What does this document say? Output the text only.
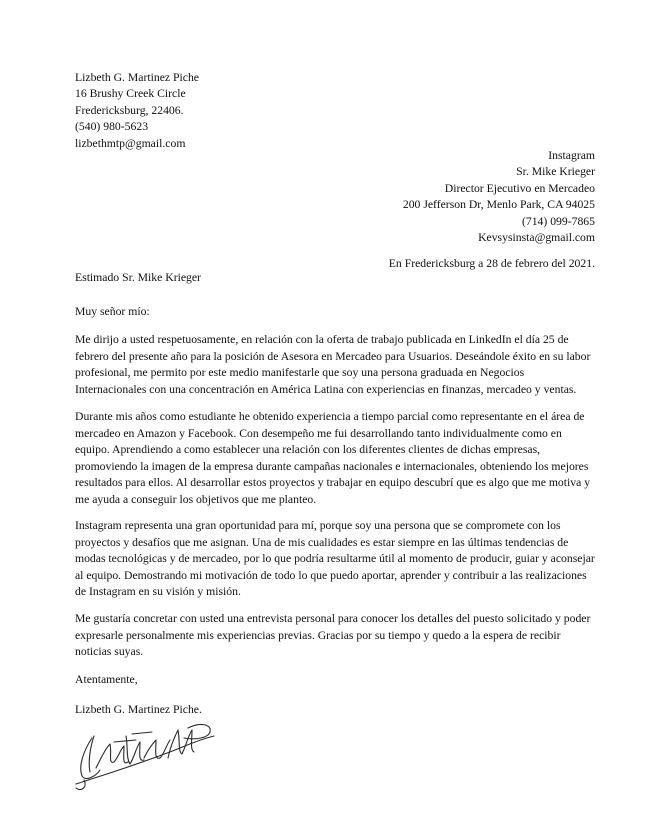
Lizbeth G. Martinez Piche
16 Brushy Creek Circle
Fredericksburg, 22406.
(540) 980-5623
lizbethmtp@gmail.com
Instagram
Sr. Mike Krieger
Director Ejecutivo en Mercadeo
200 Jefferson Dr, Menlo Park, CA 94025
(714) 099-7865
Kevsysinsta@gmail.com
En Fredericksburg a 28 de febrero del 2021.
Estimado Sr. Mike Krieger
Muy señor mío:

Me dirijo a usted respetuosamente, en relación con la oferta de trabajo publicada en LinkedIn el día 25 de
febrero del presente año para la posición de Asesora en Mercadeo para Usuarios. Deseándole éxito en su labor
profesional, me permito por este medio manifestarle que soy una persona graduada en Negocios
Internacionales con una concentración en América Latina con experiencias en finanzas, mercadeo y ventas.

Durante mis años como estudiante he obtenido experiencia a tiempo parcial como representante en el área de
mercadeo en Amazon y Facebook. Con desempeño me fui desarrollando tanto individualmente como en
equipo. Aprendiendo a como establecer una relación con los diferentes clientes de dichas empresas,
promoviendo la imagen de la empresa durante campañas nacionales e internacionales, obteniendo los mejores
resultados para ellos. Al desarrollar estos proyectos y trabajar en equipo descubrí que es algo que me motiva y
me ayuda a conseguir los objetivos que me planteo.

Instagram representa una gran oportunidad para mí, porque soy una persona que se compromete con los
proyectos y desafíos que me asignan. Una de mis cualidades es estar siempre en las últimas tendencias de
modas tecnológicas y de mercadeo, por lo que podría resultarme útil al momento de producir, guiar y aconsejar
al equipo. Demostrando mi motivación de todo lo que puedo aportar, aprender y contribuir a las realizaciones
de Instagram en su visión y misión.

Me gustaría concretar con usted una entrevista personal para conocer los detalles del puesto solicitado y poder
expresarle personalmente mis experiencias previas. Gracias por su tiempo y quedo a la espera de recibir
noticias suyas.

Atentamente,
Lizbeth G. Martinez Piche.
